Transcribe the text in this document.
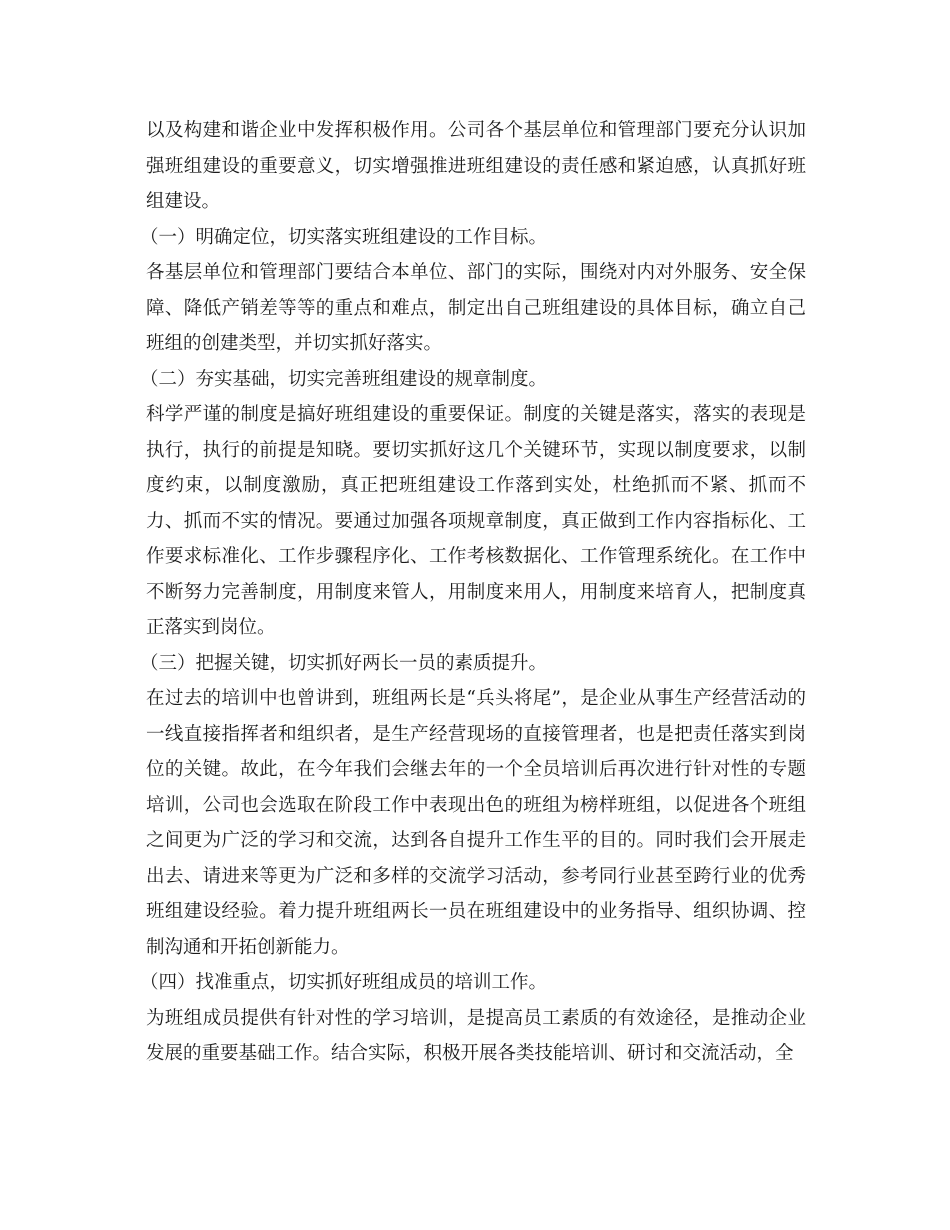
以及构建和谐企业中发挥积极作用。公司各个基层单位和管理部门要充分认识加强班组建设的重要意义，切实增强推进班组建设的责任感和紧迫感，认真抓好班组建设。

（一）明确定位，切实落实班组建设的工作目标。

各基层单位和管理部门要结合本单位、部门的实际，围绕对内对外服务、安全保障、降低产销差等等的重点和难点，制定出自己班组建设的具体目标，确立自己班组的创建类型，并切实抓好落实。

（二）夯实基础，切实完善班组建设的规章制度。

科学严谨的制度是搞好班组建设的重要保证。制度的关键是落实，落实的表现是执行，执行的前提是知晓。要切实抓好这几个关键环节，实现以制度要求，以制度约束，以制度激励，真正把班组建设工作落到实处，杜绝抓而不紧、抓而不力、抓而不实的情况。要通过加强各项规章制度，真正做到工作内容指标化、工作要求标准化、工作步骤程序化、工作考核数据化、工作管理系统化。在工作中不断努力完善制度，用制度来管人，用制度来用人，用制度来培育人，把制度真正落实到岗位。

（三）把握关键，切实抓好两长一员的素质提升。

在过去的培训中也曾讲到，班组两长是“兵头将尾”，是企业从事生产经营活动的一线直接指挥者和组织者，是生产经营现场的直接管理者，也是把责任落实到岗位的关键。故此，在今年我们会继去年的一个全员培训后再次进行针对性的专题培训，公司也会选取在阶段工作中表现出色的班组为榜样班组，以促进各个班组之间更为广泛的学习和交流，达到各自提升工作生平的目的。同时我们会开展走出去、请进来等更为广泛和多样的交流学习活动，参考同行业甚至跨行业的优秀班组建设经验。着力提升班组两长一员在班组建设中的业务指导、组织协调、控制沟通和开拓创新能力。

（四）找准重点，切实抓好班组成员的培训工作。

为班组成员提供有针对性的学习培训，是提高员工素质的有效途径，是推动企业发展的重要基础工作。结合实际，积极开展各类技能培训、研讨和交流活动，全
